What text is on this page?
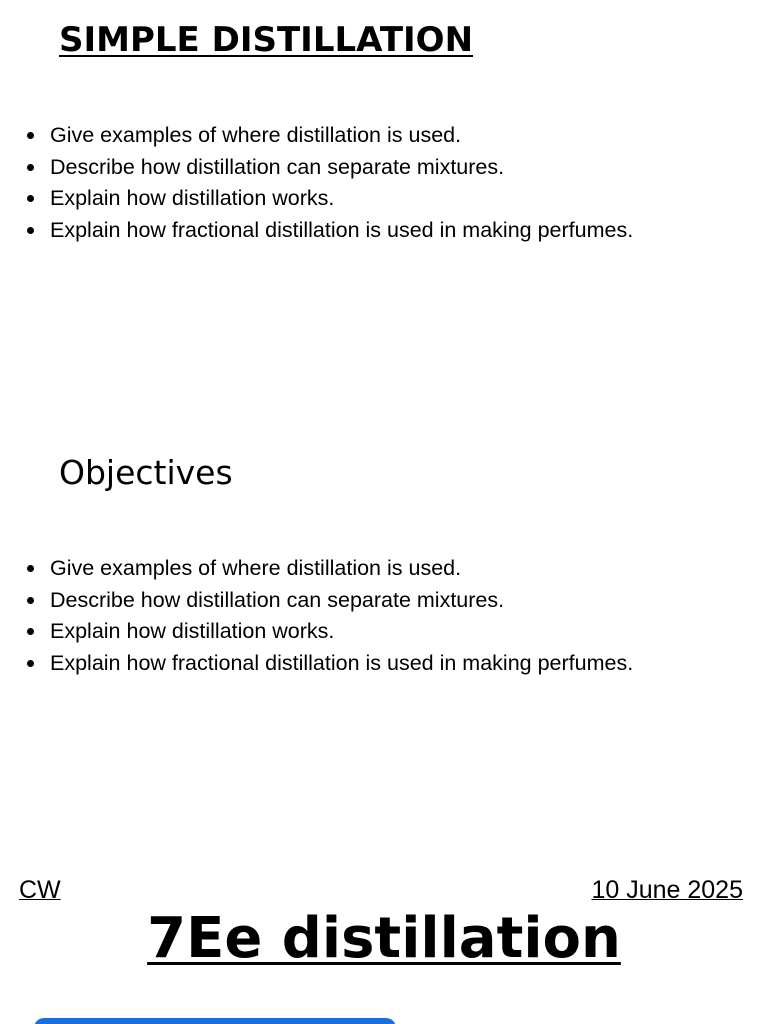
SIMPLE DISTILLATION
Give examples of where distillation is used.
Describe how distillation can separate mixtures.
Explain how distillation works.
Explain how fractional distillation is used in making perfumes.
Objectives
Give examples of where distillation is used.
Describe how distillation can separate mixtures.
Explain how distillation works.
Explain how fractional distillation is used in making perfumes.
CW	10 June 2025
7Ee distillation
